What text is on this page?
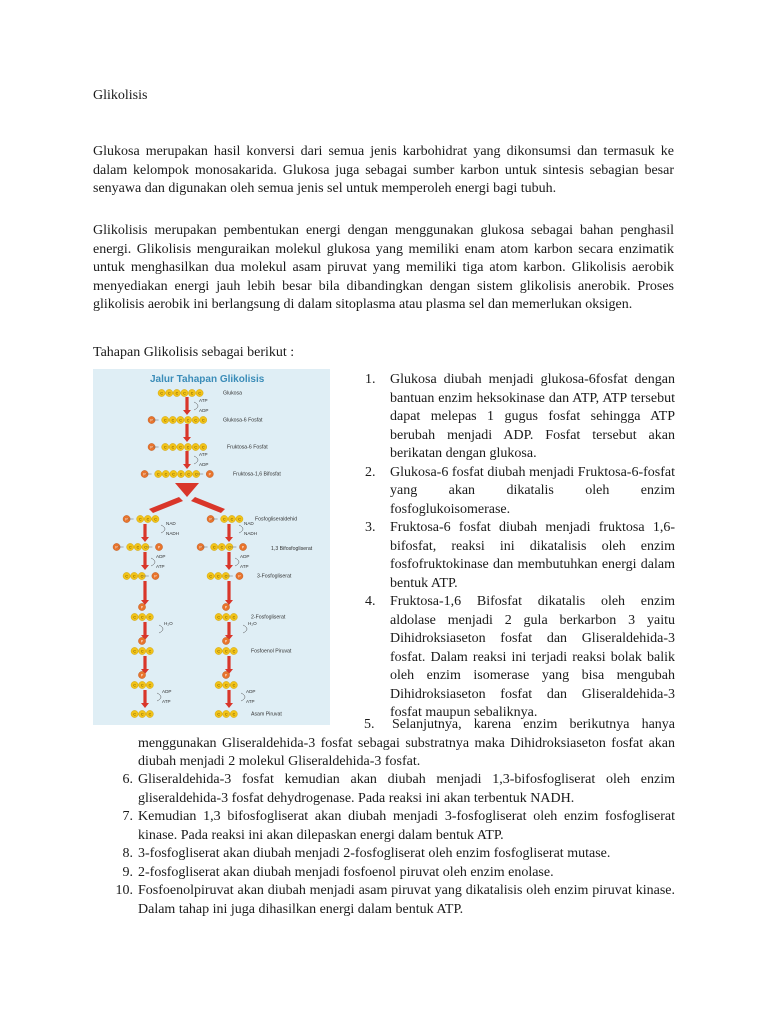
Glikolisis

Glukosa merupakan hasil konversi dari semua jenis karbohidrat yang dikonsumsi dan termasuk ke dalam kelompok monosakarida. Glukosa juga sebagai sumber karbon untuk sintesis sebagian besar senyawa dan digunakan oleh semua jenis sel untuk memperoleh energi bagi tubuh.

Glikolisis merupakan pembentukan energi dengan menggunakan glukosa sebagai bahan penghasil energi. Glikolisis menguraikan molekul glukosa yang memiliki enam atom karbon secara enzimatik untuk menghasilkan dua molekul asam piruvat yang memiliki tiga atom karbon. Glikolisis aerobik menyediakan energi jauh lebih besar bila dibandingkan dengan sistem glikolisis anerobik. Proses glikolisis aerobik ini berlangsung di dalam sitoplasma atau plasma sel dan memerlukan oksigen.

Tahapan Glikolisis sebagai berikut :
Jalur Tahapan Glikolisis
C C C C C C	Glukosa
ATP
ADP
P	C C C C C C	Glukosa-6 Fosfat
P	C C C C C C	Fruktosa-6 Fosfat
ATP
ADP
P	C C C C C C	P	Fruktosa-1,6 Bifosfat
P	C C C
P	C C C	P
C C C	P
C C C
P
C C C
P
C C C
P
C C C
P	C C C
P	C C C	P
C C C	P
C C C
P
C C C
P
C C C
P
C C C
NAD
NADH
NAD
NADH
ADP
ATP
ADP
ATP
H₂O	H₂O
ADP
ATP
ADP
ATP
Fosfogliseraldehid
1,3 Bifosfogliserat
3-Fosfogliserat
2-Fosfogliserat
Fosfoenol Piruvat
Asam Piruvat
1. Glukosa diubah menjadi glukosa-6fosfat dengan bantuan enzim heksokinase dan ATP, ATP tersebut dapat melepas 1 gugus fosfat sehingga ATP berubah menjadi ADP. Fosfat tersebut akan berikatan dengan glukosa.
2. Glukosa-6 fosfat diubah menjadi Fruktosa-6-fosfat yang akan dikatalis oleh enzim fosfoglukoisomerase.
3. Fruktosa-6 fosfat diubah menjadi fruktosa 1,6-bifosfat, reaksi ini dikatalisis oleh enzim fosfofruktokinase dan membutuhkan energi dalam bentuk ATP.
4. Fruktosa-1,6 Bifosfat dikatalis oleh enzim aldolase menjadi 2 gula berkarbon 3 yaitu Dihidroksiaseton fosfat dan Gliseraldehida-3 fosfat. Dalam reaksi ini terjadi reaksi bolak balik oleh enzim isomerase yang bisa mengubah Dihidroksiaseton fosfat dan Gliseraldehida-3 fosfat maupun sebaliknya.
5. Selanjutnya, karena enzim berikutnya hanya menggunakan Gliseraldehida-3 fosfat sebagai substratnya maka Dihidroksiaseton fosfat akan diubah menjadi 2 molekul Gliseraldehida-3 fosfat.
6. Gliseraldehida-3 fosfat kemudian akan diubah menjadi 1,3-bifosfogliserat oleh enzim gliseraldehida-3 fosfat dehydrogenase. Pada reaksi ini akan terbentuk NADH.
7. Kemudian 1,3 bifosfogliserat akan diubah menjadi 3-fosfogliserat oleh enzim fosfogliserat kinase. Pada reaksi ini akan dilepaskan energi dalam bentuk ATP.
8. 3-fosfogliserat akan diubah menjadi 2-fosfogliserat oleh enzim fosfogliserat mutase.
9. 2-fosfogliserat akan diubah menjadi fosfoenol piruvat oleh enzim enolase.
10. Fosfoenolpiruvat akan diubah menjadi asam piruvat yang dikatalisis oleh enzim piruvat kinase. Dalam tahap ini juga dihasilkan energi dalam bentuk ATP.
